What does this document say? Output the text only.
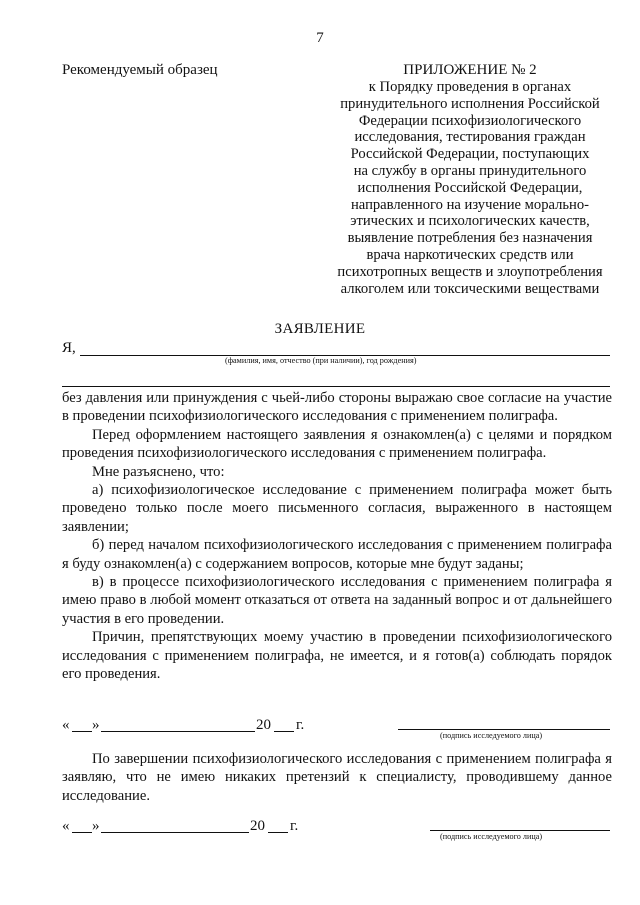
7
Рекомендуемый образец	ПРИЛОЖЕНИЕ № 2
к Порядку проведения в органах
принудительного исполнения Российской
Федерации психофизиологического
исследования, тестирования граждан
Российской Федерации, поступающих
на службу в органы принудительного
исполнения Российской Федерации,
направленного на изучение морально-
этических и психологических качеств,
выявление потребления без назначения
врача наркотических средств или
психотропных веществ и злоупотребления
алкоголем или токсическими веществами
ЗАЯВЛЕНИЕ
Я,
(фамилия, имя, отчество (при наличии), год рождения)

без давления или принуждения с чьей-либо стороны выражаю свое согласие на участие в проведении психофизиологического исследования с применением полиграфа.

Перед оформлением настоящего заявления я ознакомлен(а) с целями и порядком проведения психофизиологического исследования с применением полиграфа.

Мне разъяснено, что:

а) психофизиологическое исследование с применением полиграфа может быть проведено только после моего письменного согласия, выраженного в настоящем заявлении;

б) перед началом психофизиологического исследования с применением полиграфа я буду ознакомлен(а) с содержанием вопросов, которые мне будут заданы;

в) в процессе психофизиологического исследования с применением полиграфа я имею право в любой момент отказаться от ответа на заданный вопрос и от дальнейшего участия в его проведении.

Причин, препятствующих моему участию в проведении психофизиологического исследования с применением полиграфа, не имеется, и я готов(а) соблюдать порядок его проведения.

« »	20 г.
(подпись исследуемого лица)
По завершении психофизиологического исследования с применением полиграфа я заявляю, что не имею никаких претензий к специалисту, проводившему данное исследование.
« »	20 г.
(подпись исследуемого лица)
